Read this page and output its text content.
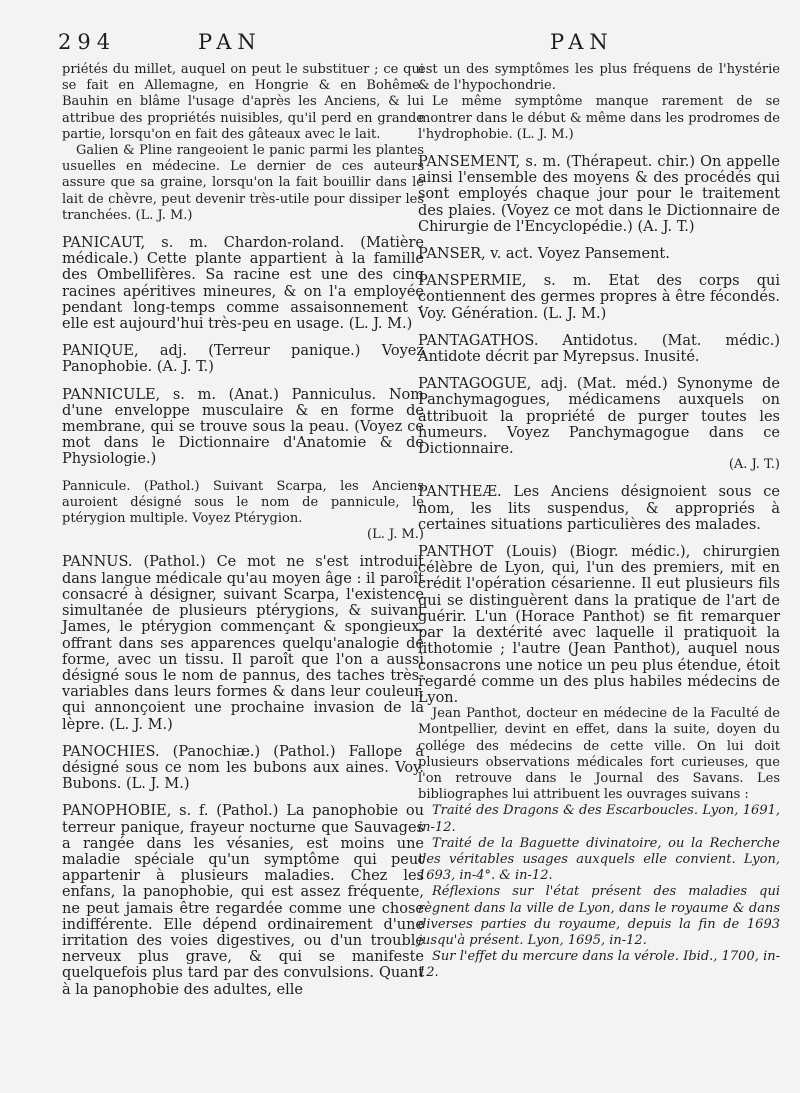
294	PAN	PAN

priétés du millet, auquel on peut le substituer ; ce qui se fait en Allemagne, en Hongrie & en Bohême. Bauhin en blâme l'usage d'après les Anciens, & lui attribue des propriétés nuisibles, qu'il perd en grande partie, lorsqu'on en fait des gâteaux avec le lait.

Galien & Pline rangeoient le panic parmi les plantes usuelles en médecine. Le dernier de ces auteurs assure que sa graine, lorsqu'on la fait bouillir dans le lait de chèvre, peut devenir très-utile pour dissiper les tranchées. (L. J. M.)

PANICAUT, s. m. Chardon-roland. (Matière médicale.) Cette plante appartient à la famille des Ombellifères. Sa racine est une des cinq racines apéritives mineures, & on l'a employée pendant long-temps comme assaisonnement : elle est aujourd'hui très-peu en usage. (L. J. M.)

PANIQUE, adj. (Terreur panique.) Voyez Panophobie. (A. J. T.)

PANNICULE, s. m. (Anat.) Panniculus. Nom d'une enveloppe musculaire & en forme de membrane, qui se trouve sous la peau. (Voyez ce mot dans le Dictionnaire d'Anatomie & de Physiologie.)

Pannicule. (Pathol.) Suivant Scarpa, les Anciens auroient désigné sous le nom de pannicule, le ptérygion multiple. Voyez Ptérygion.

(L. J. M.)

PANNUS. (Pathol.) Ce mot ne s'est introduit dans langue médicale qu'au moyen âge : il paroît consacré à désigner, suivant Scarpa, l'existence simultanée de plusieurs ptérygions, & suivant James, le ptérygion commençant & spongieux, offrant dans ses apparences quelqu'analogie de forme, avec un tissu. Il paroît que l'on a aussi désigné sous le nom de pannus, des taches très-variables dans leurs formes & dans leur couleur, qui annonçoient une prochaine invasion de la lèpre. (L. J. M.)

PANOCHIES. (Panochiæ.) (Pathol.) Fallope a désigné sous ce nom les bubons aux aines. Voy. Bubons. (L. J. M.)

PANOPHOBIE, s. f. (Pathol.) La panophobie ou terreur panique, frayeur nocturne que Sauvages a rangée dans les vésanies, est moins une maladie spéciale qu'un symptôme qui peut appartenir à plusieurs maladies. Chez les enfans, la panophobie, qui est assez fréquente, ne peut jamais être regardée comme une chose indifférente. Elle dépend ordinairement d'une irritation des voies digestives, ou d'un trouble nerveux plus grave, & qui se manifeste quelquefois plus tard par des convulsions. Quant à la panophobie des adultes, elle

est un des symptômes les plus fréquens de l'hystérie & de l'hypochondrie.

Le même symptôme manque rarement de se montrer dans le début & même dans les prodromes de l'hydrophobie. (L. J. M.)

PANSEMENT, s. m. (Thérapeut. chir.) On appelle ainsi l'ensemble des moyens & des procédés qui sont employés chaque jour pour le traitement des plaies. (Voyez ce mot dans le Dictionnaire de Chirurgie de l'Encyclopédie.) (A. J. T.)

PANSER, v. act. Voyez Pansement.

PANSPERMIE, s. m. Etat des corps qui contiennent des germes propres à être fécondés. Voy. Génération. (L. J. M.)

PANTAGATHOS. Antidotus. (Mat. médic.) Antidote décrit par Myrepsus. Inusité.

PANTAGOGUE, adj. (Mat. méd.) Synonyme de Panchymagogues, médicamens auxquels on attribuoit la propriété de purger toutes les humeurs. Voyez Panchymagogue dans ce Dictionnaire.

(A. J. T.)

PANTHEÆ. Les Anciens désignoient sous ce nom, les lits suspendus, & appropriés à certaines situations particulières des malades.

PANTHOT (Louis) (Biogr. médic.), chirurgien célèbre de Lyon, qui, l'un des premiers, mit en crédit l'opération césarienne. Il eut plusieurs fils qui se distinguèrent dans la pratique de l'art de guérir. L'un (Horace Panthot) se fit remarquer par la dextérité avec laquelle il pratiquoit la lithotomie ; l'autre (Jean Panthot), auquel nous consacrons une notice un peu plus étendue, étoit regardé comme un des plus habiles médecins de Lyon.

Jean Panthot, docteur en médecine de la Faculté de Montpellier, devint en effet, dans la suite, doyen du collége des médecins de cette ville. On lui doit plusieurs observations médicales fort curieuses, que l'on retrouve dans le Journal des Savans. Les bibliographes lui attribuent les ouvrages suivans :

Traité des Dragons & des Escarboucles. Lyon, 1691, in-12.

Traité de la Baguette divinatoire, ou la Recherche des véritables usages auxquels elle convient. Lyon, 1693, in-4°. & in-12.

Réflexions sur l'état présent des maladies qui règnent dans la ville de Lyon, dans le royaume & dans diverses parties du royaume, depuis la fin de 1693 jusqu'à présent. Lyon, 1695, in-12.

Sur l'effet du mercure dans la vérole. Ibid., 1700, in-12.
